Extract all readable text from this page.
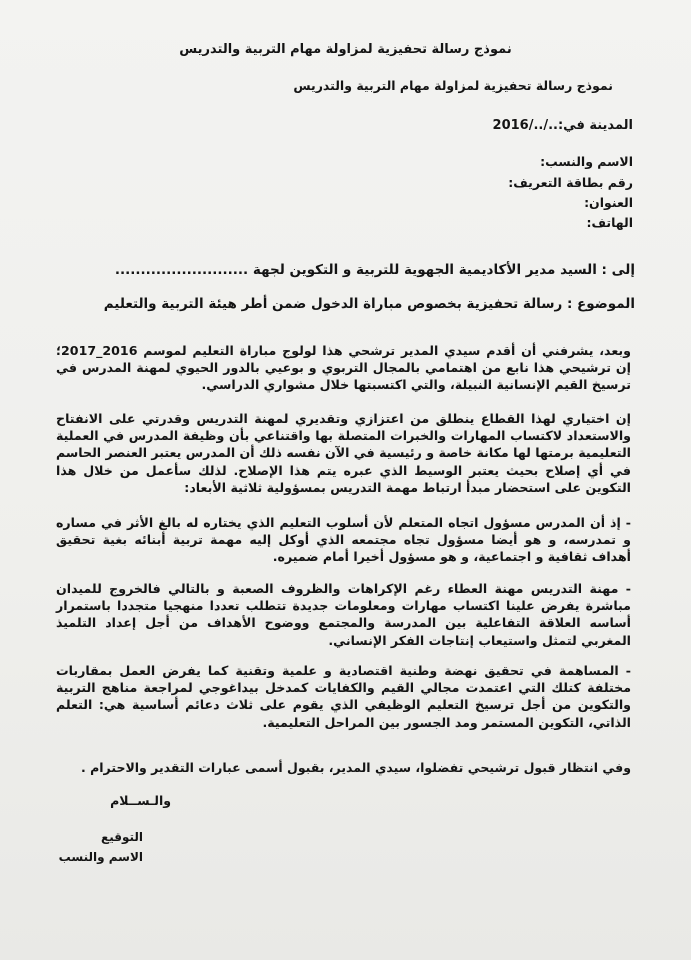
نموذج رسالة تحفيزية لمزاولة مهام التربية والتدريس
نموذج رسالة تحفيزية لمزاولة مهام التربية والتدريس
المدينة في:../../2016
الاسم والنسب:
رقم بطاقة التعريف:
العنوان:
الهاتف:
إلى : السيد مدير الأكاديمية الجهوية للتربية و التكوين لجهة ..........................
الموضوع : رسالة تحفيزية بخصوص مباراة الدخول ضمن أطر هيئة التربية والتعليم
وبعد، يشرفني أن أقدم سيدي المدير ترشحي هذا لولوج مباراة التعليم لموسم 2016_2017؛ إن ترشيحي هذا نابع من اهتمامي بالمجال التربوي و بوعيي بالدور الحيوي لمهنة المدرس في ترسيخ القيم الإنسانية النبيلة، والتي اكتسبتها خلال مشواري الدراسي.
إن اختياري لهذا القطاع ينطلق من اعتزازي وتقديري لمهنة التدريس وقدرتي على الانفتاح والاستعداد لاكتساب المهارات والخبرات المتصلة بها واقتناعي بأن وظيفة المدرس في العملية التعليمية برمتها لها مكانة خاصة و رئيسية في الآن نفسه ذلك أن المدرس يعتبر العنصر الحاسم في أي إصلاح بحيث يعتبر الوسيط الذي عبره يتم هذا الإصلاح. لذلك سأعمل من خلال هذا التكوين على استحضار مبدأ ارتباط مهمة التدريس بمسؤولية ثلاثية الأبعاد:
- إذ أن المدرس مسؤول اتجاه المتعلم لأن أسلوب التعليم الذي يختاره له بالغ الأثر في مساره و تمدرسه، و هو أيضا مسؤول تجاه مجتمعه الذي أوكل إليه مهمة تربية أبنائه بغية تحقيق أهداف ثقافية و اجتماعية، و هو مسؤول أخيرا أمام ضميره.
- مهنة التدريس مهنة العطاء رغم الإكراهات والظروف الصعبة و بالتالي فالخروج للميدان مباشرة يفرض علينا اكتساب مهارات ومعلومات جديدة تتطلب تعددا منهجيا متجددا باستمرار أساسه العلاقة التفاعلية بين المدرسة والمجتمع ووضوح الأهداف من أجل إعداد التلميذ المغربي لتمثل واستيعاب إنتاجات الفكر الإنساني.
- المساهمة في تحقيق نهضة وطنية اقتصادية و علمية وتقنية كما يفرض العمل بمقاربات مختلفة كتلك التي اعتمدت مجالي القيم والكفايات كمدخل بيداغوجي لمراجعة مناهج التربية والتكوين من أجل ترسيخ التعليم الوظيفي الذي يقوم على ثلاث دعائم أساسية هي: التعلم الذاتي، التكوين المستمر ومد الجسور بين المراحل التعليمية.
وفي انتظار قبول ترشيحي تفضلوا، سيدي المدير، بقبول أسمى عبارات التقدير والاحترام .
والـســلام
التوقيع
الاسم والنسب
